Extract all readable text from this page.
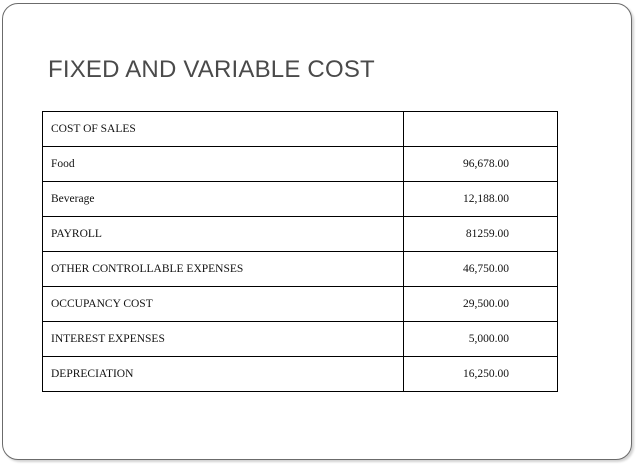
FIXED AND VARIABLE COST
COST OF SALES	
Food	96,678.00
Beverage	12,188.00
PAYROLL	81259.00
OTHER CONTROLLABLE EXPENSES	46,750.00
OCCUPANCY COST	29,500.00
INTEREST EXPENSES	5,000.00
DEPRECIATION	16,250.00
